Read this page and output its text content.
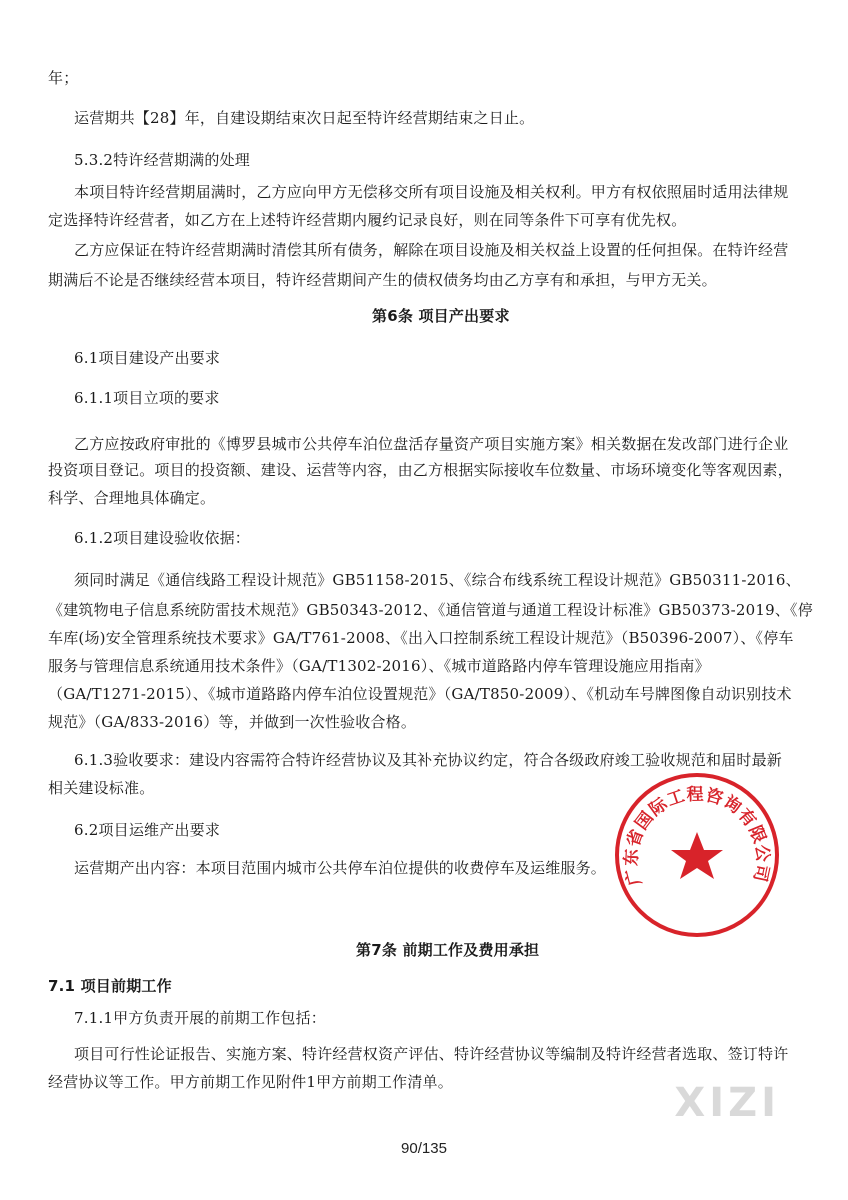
年；
运营期共【28】年，自建设期结束次日起至特许经营期结束之日止。
5.3.2特许经营期满的处理
本项目特许经营期届满时，乙方应向甲方无偿移交所有项目设施及相关权利。甲方有权依照届时适用法律规
定选择特许经营者，如乙方在上述特许经营期内履约记录良好，则在同等条件下可享有优先权。
乙方应保证在特许经营期满时清偿其所有债务，解除在项目设施及相关权益上设置的任何担保。在特许经营
期满后不论是否继续经营本项目，特许经营期间产生的债权债务均由乙方享有和承担，与甲方无关。
第6条 项目产出要求
6.1项目建设产出要求
6.1.1项目立项的要求
乙方应按政府审批的《博罗县城市公共停车泊位盘活存量资产项目实施方案》相关数据在发改部门进行企业
投资项目登记。项目的投资额、建设、运营等内容，由乙方根据实际接收车位数量、市场环境变化等客观因素，
科学、合理地具体确定。
6.1.2项目建设验收依据：
须同时满足《通信线路工程设计规范》GB51158-2015、《综合布线系统工程设计规范》GB50311-2016、
《建筑物电子信息系统防雷技术规范》GB50343-2012、《通信管道与通道工程设计标准》GB50373-2019、《停
车库(场)安全管理系统技术要求》GA/T761-2008、《出入口控制系统工程设计规范》（B50396-2007）、《停车
服务与管理信息系统通用技术条件》（GA/T1302-2016）、《城市道路路内停车管理设施应用指南》
（GA/T1271-2015）、《城市道路路内停车泊位设置规范》（GA/T850-2009）、《机动车号牌图像自动识别技术
规范》（GA/833-2016）等，并做到一次性验收合格。
6.1.3验收要求：建设内容需符合特许经营协议及其补充协议约定，符合各级政府竣工验收规范和届时最新
相关建设标准。
6.2项目运维产出要求
运营期产出内容：本项目范围内城市公共停车泊位提供的收费停车及运维服务。
第7条 前期工作及费用承担
7.1 项目前期工作
7.1.1甲方负责开展的前期工作包括：
项目可行性论证报告、实施方案、特许经营权资产评估、特许经营协议等编制及特许经营者选取、签订特许
经营协议等工作。甲方前期工作见附件1甲方前期工作清单。
广东省国际工程咨询有限公司
XIZI
90/135
